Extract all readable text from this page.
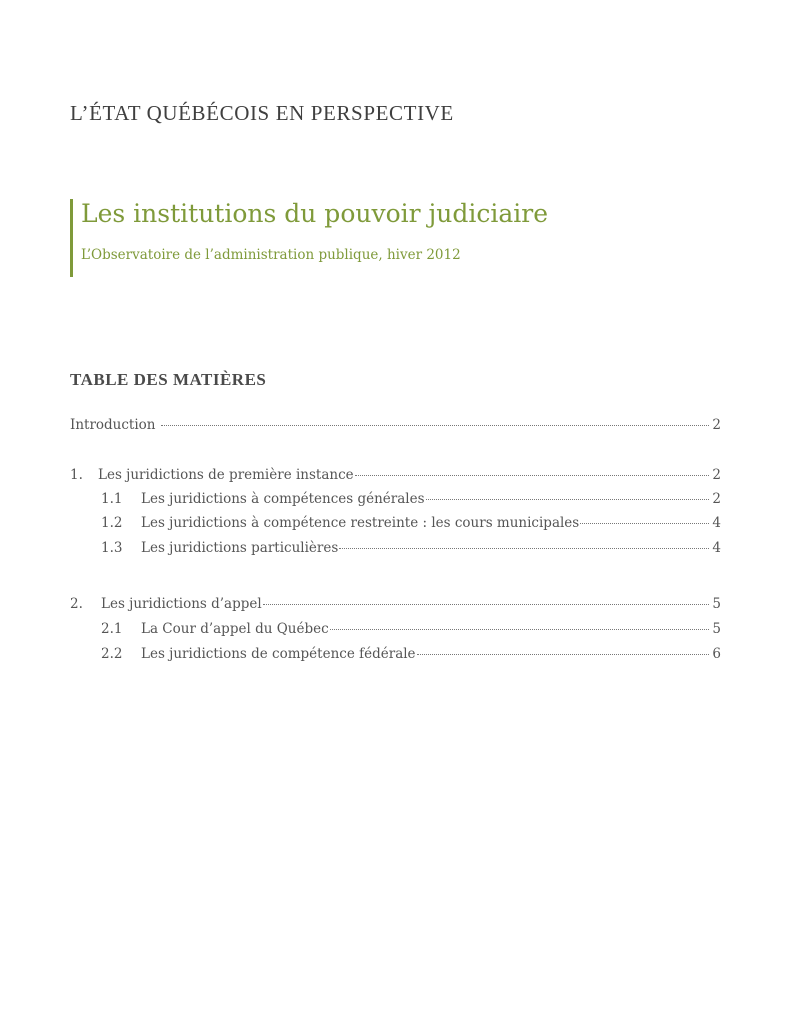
L’ÉTAT QUÉBÉCOIS EN PERSPECTIVE
Les institutions du pouvoir judiciaire
L’Observatoire de l’administration publique, hiver 2012
TABLE DES MATIÈRES
Introduction	2
1.	Les juridictions de première instance	2
1.1	Les juridictions à compétences générales	2
1.2	Les juridictions à compétence restreinte : les cours municipales	4
1.3	Les juridictions particulières	4
2.	Les juridictions d’appel	5
2.1	La Cour d’appel du Québec	5
2.2	Les juridictions de compétence fédérale	6
